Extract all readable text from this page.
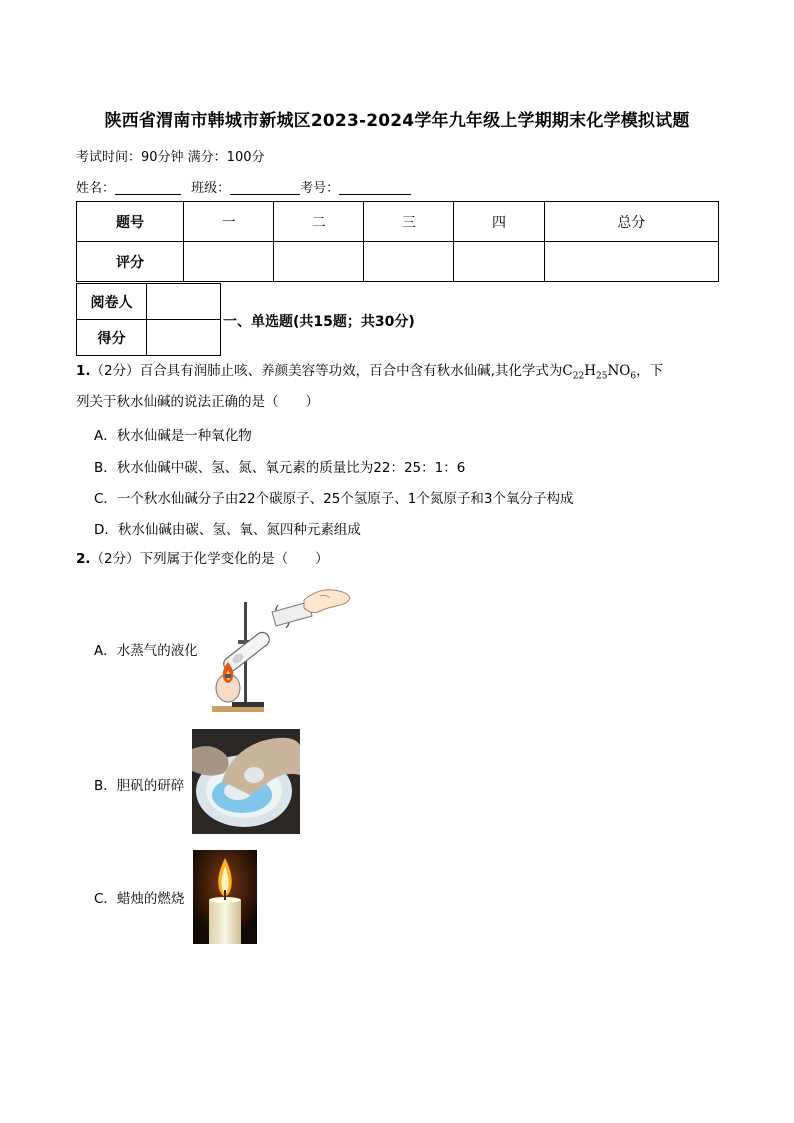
陕西省渭南市韩城市新城区2023-2024学年九年级上学期期末化学模拟试题
考试时间：90分钟 满分：100分
姓名：	班级：	考号：
题号	一	二	三	四	总分
评分					
阅卷人	
得分	
一、单选题(共15题；共30分)
1.（2分）百合具有润肺止咳、养颜美容等功效，百合中含有秋水仙碱,其化学式为$C_{22}H_{25}NO_6$，下
列关于秋水仙碱的说法正确的是（　　）
A．秋水仙碱是一种氧化物
B．秋水仙碱中碳、氢、氮、氧元素的质量比为22：25：1：6
C．一个秋水仙碱分子由22个碳原子、25个氢原子、1个氮原子和3个氧分子构成
D．秋水仙碱由碳、氢、氧、氮四种元素组成
2.（2分）下列属于化学变化的是（　　）
A．水蒸气的液化
B．胆矾的研碎
C．蜡烛的燃烧
